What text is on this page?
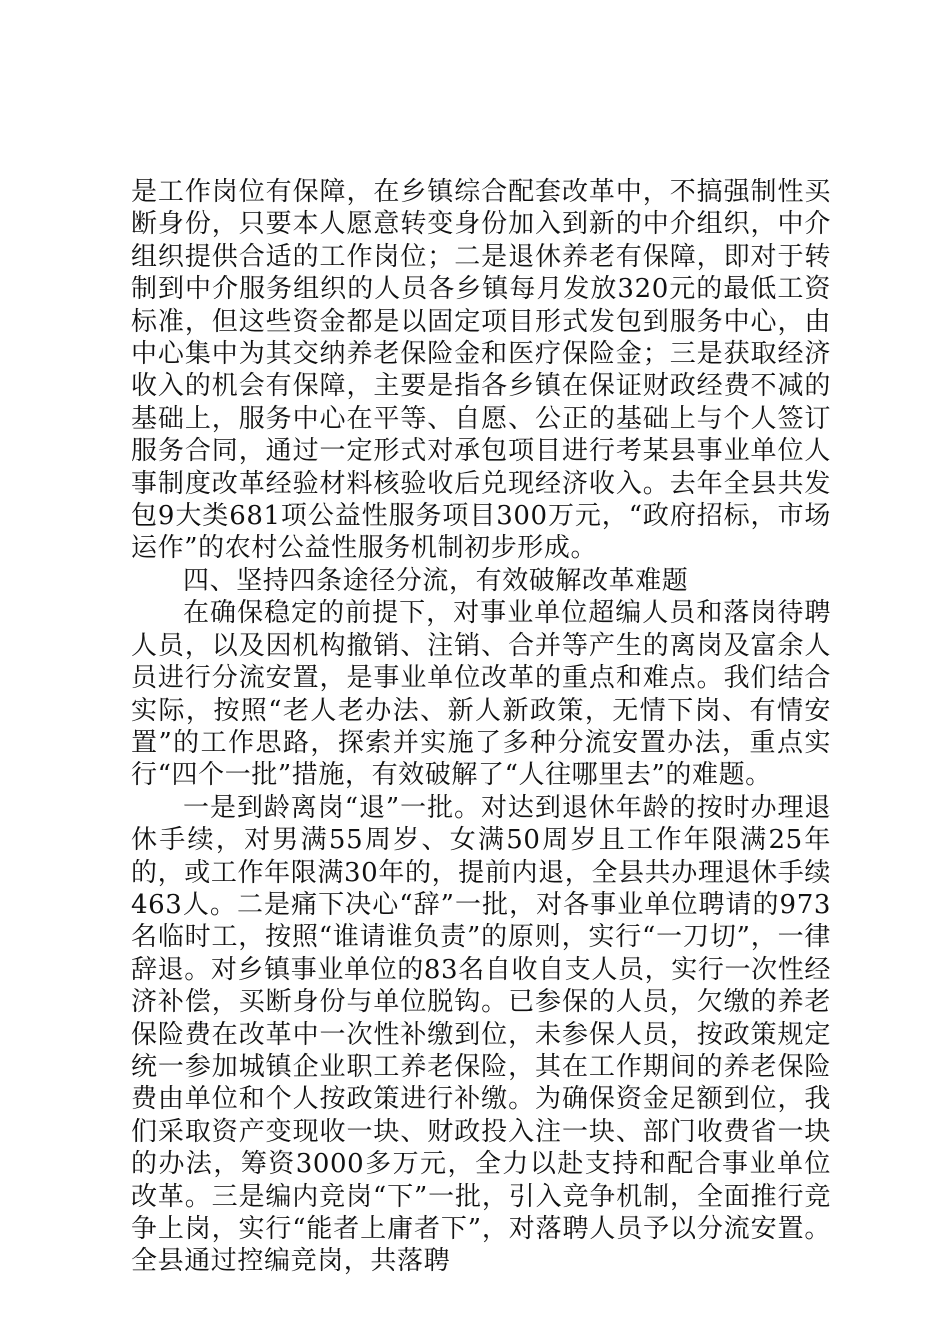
是工作岗位有保障，在乡镇综合配套改革中，不搞强制性买断身份，只要本人愿意转变身份加入到新的中介组织，中介组织提供合适的工作岗位；二是退休养老有保障，即对于转制到中介服务组织的人员各乡镇每月发放320元的最低工资标准，但这些资金都是以固定项目形式发包到服务中心，由中心集中为其交纳养老保险金和医疗保险金；三是获取经济收入的机会有保障，主要是指各乡镇在保证财政经费不减的基础上，服务中心在平等、自愿、公正的基础上与个人签订服务合同，通过一定形式对承包项目进行考某县事业单位人事制度改革经验材料核验收后兑现经济收入。去年全县共发包9大类681项公益性服务项目300万元，“政府招标，市场运作”的农村公益性服务机制初步形成。

四、坚持四条途径分流，有效破解改革难题

在确保稳定的前提下，对事业单位超编人员和落岗待聘人员，以及因机构撤销、注销、合并等产生的离岗及富余人员进行分流安置，是事业单位改革的重点和难点。我们结合实际，按照“老人老办法、新人新政策，无情下岗、有情安置”的工作思路，探索并实施了多种分流安置办法，重点实行“四个一批”措施，有效破解了“人往哪里去”的难题。

一是到龄离岗“退”一批。对达到退休年龄的按时办理退休手续，对男满55周岁、女满50周岁且工作年限满25年的，或工作年限满30年的，提前内退，全县共办理退休手续463人。二是痛下决心“辞”一批，对各事业单位聘请的973名临时工，按照“谁请谁负责”的原则，实行“一刀切”，一律辞退。对乡镇事业单位的83名自收自支人员，实行一次性经济补偿，买断身份与单位脱钩。已参保的人员，欠缴的养老保险费在改革中一次性补缴到位，未参保人员，按政策规定统一参加城镇企业职工养老保险，其在工作期间的养老保险费由单位和个人按政策进行补缴。为确保资金足额到位，我们采取资产变现收一块、财政投入注一块、部门收费省一块的办法，筹资3000多万元，全力以赴支持和配合事业单位改革。三是编内竞岗“下”一批，引入竞争机制，全面推行竞争上岗，实行“能者上庸者下”，对落聘人员予以分流安置。全县通过控编竞岗，共落聘
